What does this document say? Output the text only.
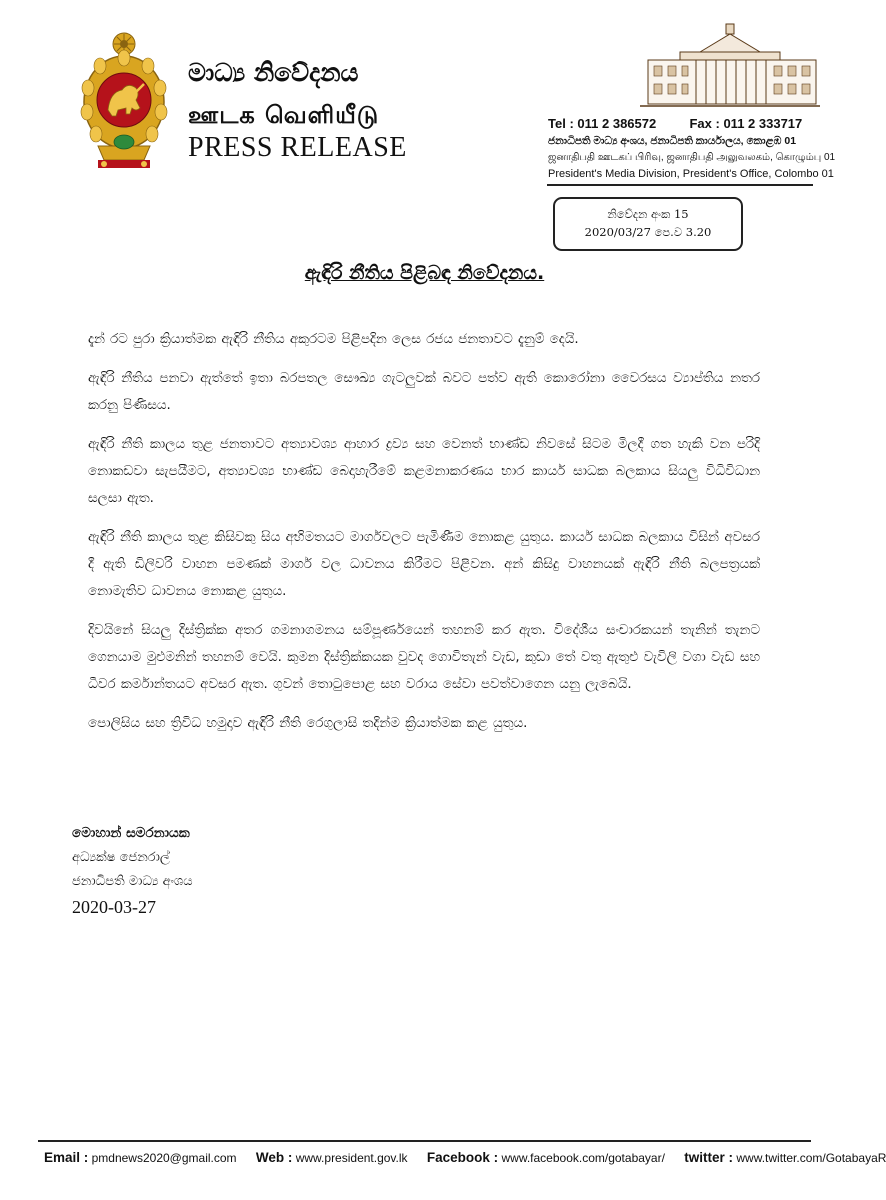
මාධ්‍ය නිවේදනය
ஊடக வெளியீடு
PRESS RELEASE
Tel : 011 2 386572	Fax : 011 2 333717
ජනාධිපති මාධ්‍ය අංශය, ජනාධිපති කාර්යාලය, කොළඹ 01
ஜனாதிபதி ஊடகப் பிரிவு, ஜனாதிபதி அலுவலகம், கொழும்பு 01
President's Media Division, President's Office, Colombo 01
නිවේදන අංක 15
2020/03/27 පෙ.ව 3.20
ඇඳිරි නීතිය පිළිබඳ නිවේදනය.

දැන් රට පුරා ක්‍රියාත්මක ඇඳිරි නීතිය අකුරටම පිළිපදින ලෙස රජය ජනතාවට දැනුම් දෙයි.

ඇඳිරි නීතිය පනවා ඇත්තේ ඉතා බරපතල සෞඛ්‍ය ගැටලුවක් බවට පත්ව ඇති කොරෝනා වෛරසය ව්‍යාප්තිය නතර කරනු පිණිසය.

ඇඳිරි නීති කාලය තුළ ජනතාවට අත්‍යාවශ්‍ය ආහාර ද්‍රව්‍ය සහ වෙනත් භාණ්ඩ නිවසේ සිටම මිලදී ගත හැකි වන පරිදි නොකඩවා සැපයීමට, අත්‍යාවශ්‍ය භාණ්ඩ බෙදාහැරීමේ කළමනාකරණය භාර කාර්ය සාධක බලකාය සියලු විධිවිධාන සලසා ඇත.

ඇඳිරි නීති කාලය තුළ කිසිවකු සිය අභිමතයට මාර්ගවලට පැමිණීම නොකළ යුතුය. කාර්ය සාධක බලකාය විසින් අවසර දී ඇති ඩිලිවරි වාහන පමණක් මාර්ග වල ධාවනය කිරීමට පිළිවන. අන් කිසිදු වාහනයක් ඇඳිරි නීති බලපත්‍රයක් නොමැතිව ධාවනය නොකළ යුතුය.

දිවයිනේ සියලු දිස්ත්‍රික්ක අතර ගමනාගමනය සම්පූර්ණයෙන් තහනම් කර ඇත. විදේශීය සංචාරකයන් තැනින් තැනට ගෙනයාම මුළුමනින් තහනම් වෙයි. කුමන දිස්ත්‍රික්කයක වුවද ගොවිතැන් වැඩ, කුඩා තේ වතු ඇතුළු වැවිලි වගා වැඩ සහ ධීවර කර්මාන්තයට අවසර ඇත. ගුවන් තොටුපොළ සහ වරාය සේවා පවත්වාගෙන යනු ලැබෙයි.

පොලිසිය සහ ත්‍රිවිධ හමුදාව ඇඳිරි නීති රෙගුලාසි තදින්ම ක්‍රියාත්මක කළ යුතුය.

මොහාන් සමරනායක
අධ්‍යක්ෂ ජෙනරාල්
ජනාධිපති මාධ්‍ය අංශය
2020-03-27
Email : pmdnews2020@gmail.com Web : www.president.gov.lk Facebook : www.facebook.com/gotabayar/ twitter : www.twitter.com/GotabayaR
